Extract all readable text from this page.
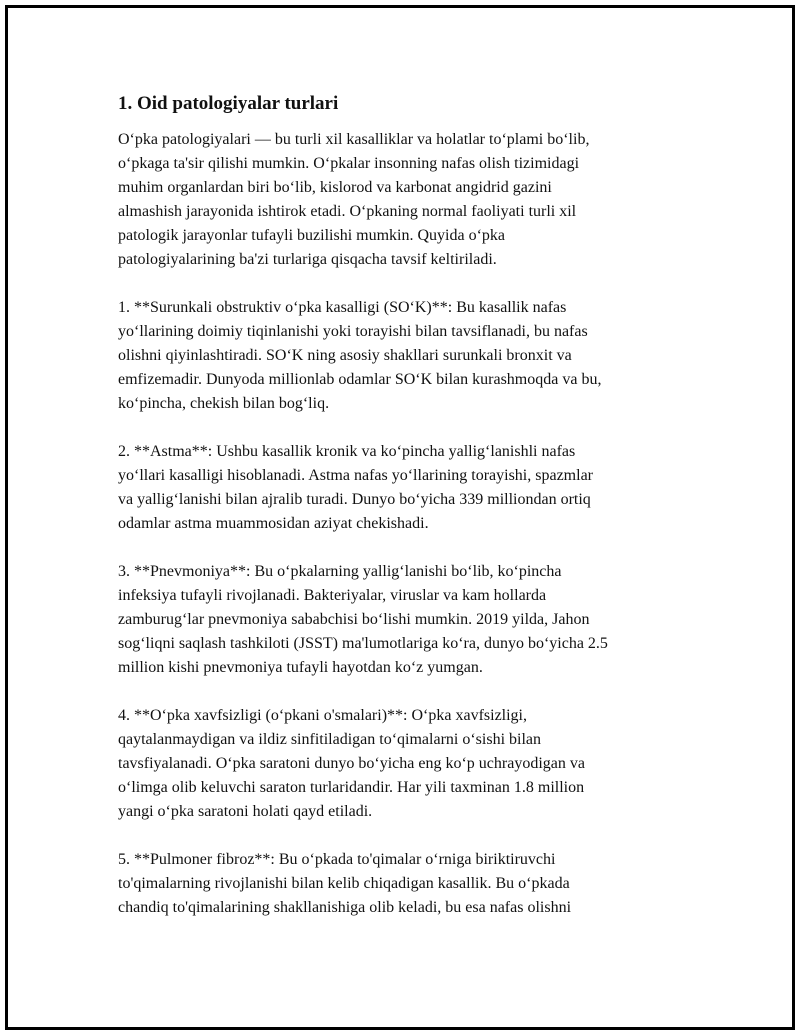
1. Oid patologiyalar turlari
O‘pka patologiyalari — bu turli xil kasalliklar va holatlar to‘plami bo‘lib,
o‘pkaga ta'sir qilishi mumkin. O‘pkalar insonning nafas olish tizimidagi
muhim organlardan biri bo‘lib, kislorod va karbonat angidrid gazini
almashish jarayonida ishtirok etadi. O‘pkaning normal faoliyati turli xil
patologik jarayonlar tufayli buzilishi mumkin. Quyida o‘pka
patologiyalarining ba'zi turlariga qisqacha tavsif keltiriladi.
1. **Surunkali obstruktiv o‘pka kasalligi (SO‘K)**: Bu kasallik nafas
yo‘llarining doimiy tiqinlanishi yoki torayishi bilan tavsiflanadi, bu nafas
olishni qiyinlashtiradi. SO‘K ning asosiy shakllari surunkali bronxit va
emfizemadir. Dunyoda millionlab odamlar SO‘K bilan kurashmoqda va bu,
ko‘pincha, chekish bilan bog‘liq.
2. **Astma**: Ushbu kasallik kronik va ko‘pincha yallig‘lanishli nafas
yo‘llari kasalligi hisoblanadi. Astma nafas yo‘llarining torayishi, spazmlar
va yallig‘lanishi bilan ajralib turadi. Dunyo bo‘yicha 339 milliondan ortiq
odamlar astma muammosidan aziyat chekishadi.
3. **Pnevmoniya**: Bu o‘pkalarning yallig‘lanishi bo‘lib, ko‘pincha
infeksiya tufayli rivojlanadi. Bakteriyalar, viruslar va kam hollarda
zamburug‘lar pnevmoniya sababchisi bo‘lishi mumkin. 2019 yilda, Jahon
sog‘liqni saqlash tashkiloti (JSST) ma'lumotlariga ko‘ra, dunyo bo‘yicha 2.5
million kishi pnevmoniya tufayli hayotdan ko‘z yumgan.
4. **O‘pka xavfsizligi (o‘pkani o'smalari)**: O‘pka xavfsizligi,
qaytalanmaydigan va ildiz sinfitiladigan to‘qimalarni o‘sishi bilan
tavsfiyalanadi. O‘pka saratoni dunyo bo‘yicha eng ko‘p uchrayodigan va
o‘limga olib keluvchi saraton turlaridandir. Har yili taxminan 1.8 million
yangi o‘pka saratoni holati qayd etiladi.
5. **Pulmoner fibroz**: Bu o‘pkada to'qimalar o‘rniga biriktiruvchi
to'qimalarning rivojlanishi bilan kelib chiqadigan kasallik. Bu o‘pkada
chandiq to'qimalarining shakllanishiga olib keladi, bu esa nafas olishni
